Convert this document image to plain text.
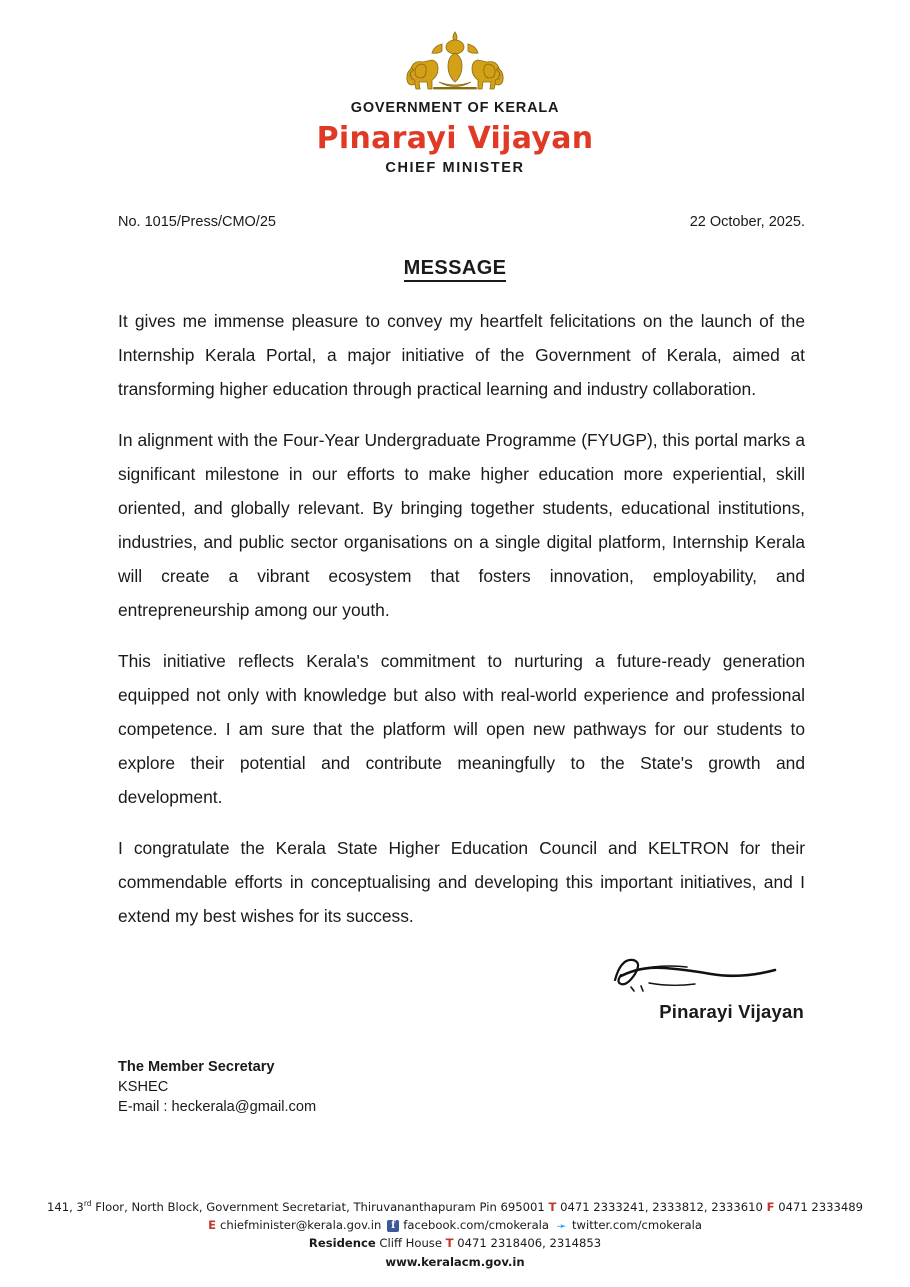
GOVERNMENT OF KERALA
Pinarayi Vijayan
CHIEF MINISTER
No. 1015/Press/CMO/25	22 October, 2025.
MESSAGE

It gives me immense pleasure to convey my heartfelt felicitations on the launch of the Internship Kerala Portal, a major initiative of the Government of Kerala, aimed at transforming higher education through practical learning and industry collaboration.

In alignment with the Four-Year Undergraduate Programme (FYUGP), this portal marks a significant milestone in our efforts to make higher education more experiential, skill oriented, and globally relevant. By bringing together students, educational institutions, industries, and public sector organisations on a single digital platform, Internship Kerala will create a vibrant ecosystem that fosters innovation, employability, and entrepreneurship among our youth.

This initiative reflects Kerala's commitment to nurturing a future-ready generation equipped not only with knowledge but also with real-world experience and professional competence. I am sure that the platform will open new pathways for our students to explore their potential and contribute meaningfully to the State's growth and development.

I congratulate the Kerala State Higher Education Council and KELTRON for their commendable efforts in conceptualising and developing this important initiatives, and I extend my best wishes for its success.

Pinarayi Vijayan
The Member Secretary
KSHEC
E-mail : heckerala@gmail.com
141, 3rd Floor, North Block, Government Secretariat, Thiruvananthapuram Pin 695001 T 0471 2333241, 2333812, 2333610 F 0471 2333489
E chiefminister@kerala.gov.in f facebook.com/cmokerala ➛ twitter.com/cmokerala
Residence Cliff House T 0471 2318406, 2314853
www.keralacm.gov.in
